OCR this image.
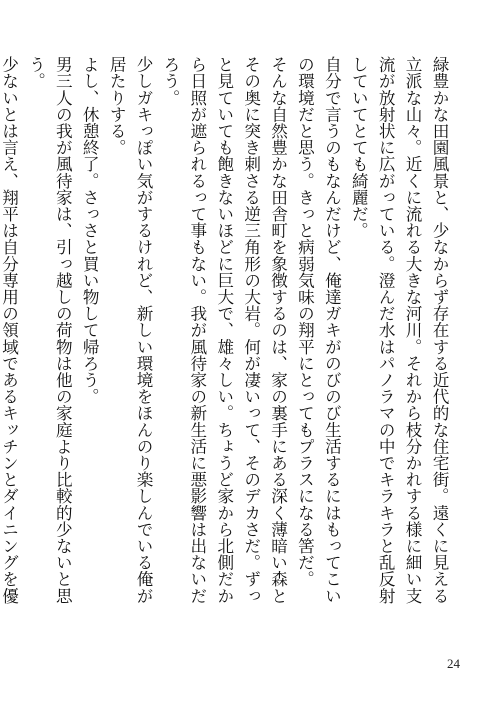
緑豊かな田園風景と、少なからず存在する近代的な住宅街。遠くに見える立派な山々。近くに流れる大きな河川。それから枝分かれする様に細い支流が放射状に広がっている。澄んだ水はパノラマの中でキラキラと乱反射していてとても綺麗だ。

自分で言うのもなんだけど、俺達ガキがのびのび生活するにはもってこいの環境だと思う。きっと病弱気味の翔平にとってもプラスになる筈だ。

そんな自然豊かな田舎町を象徴するのは、家の裏手にある深く薄暗い森とその奥に突き刺さる逆三角形の大岩。何が凄いって、そのデカさだ。ずっと見ていても飽きないほどに巨大で、雄々しい。ちょうど家から北側だから日照が遮られるって事もない。我が風待家の新生活に悪影響は出ないだろう。

少しガキっぽい気がするけれど、新しい環境をほんのり楽しんでいる俺が居たりする。

よし、休憩終了。さっさと買い物して帰ろう。

男三人の我が風待家は、引っ越しの荷物は他の家庭より比較的少ないと思う。

少ないとは言え、翔平は自分専用の領域であるキッチンとダイニングを優

24
